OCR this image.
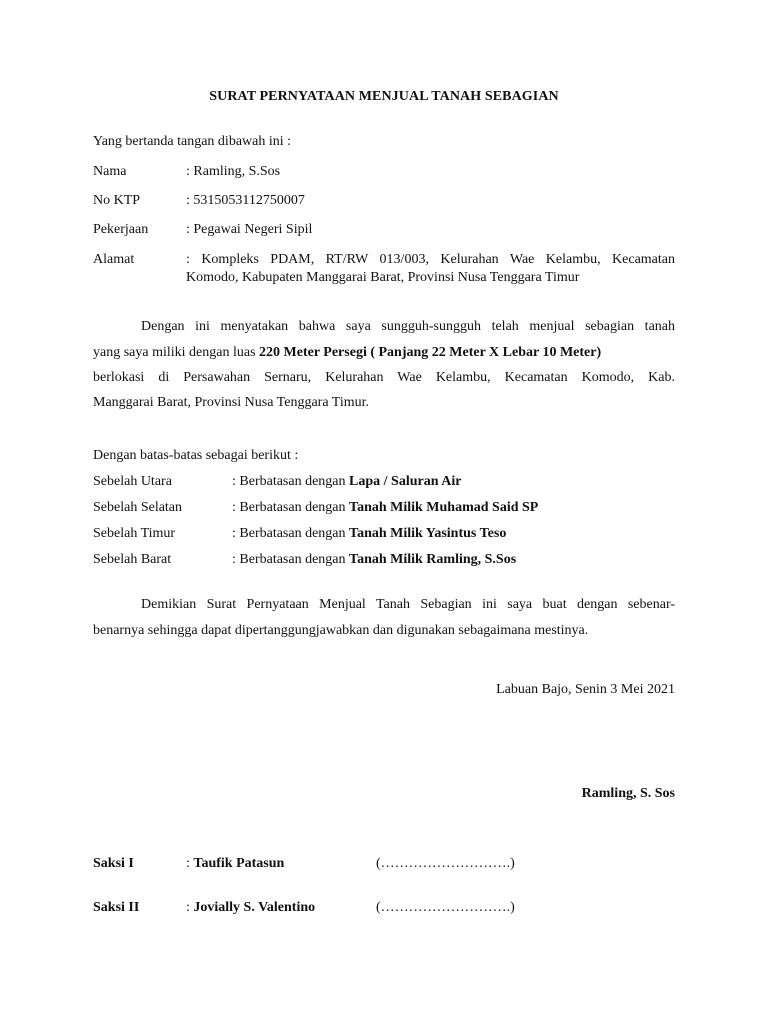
SURAT PERNYATAAN MENJUAL TANAH SEBAGIAN
Yang bertanda tangan dibawah ini :
Nama	: Ramling, S.Sos
No KTP	: 5315053112750007
Pekerjaan	: Pegawai Negeri Sipil
Alamat	: Kompleks PDAM, RT/RW 013/003, Kelurahan Wae Kelambu, Kecamatan
Komodo, Kabupaten Manggarai Barat, Provinsi Nusa Tenggara Timur
Dengan ini menyatakan bahwa saya sungguh-sungguh telah menjual sebagian tanah
yang saya miliki dengan luas 220 Meter Persegi ( Panjang 22 Meter X Lebar 10 Meter)
berlokasi di Persawahan Sernaru, Kelurahan Wae Kelambu, Kecamatan Komodo, Kab.
Manggarai Barat, Provinsi Nusa Tenggara Timur.
Dengan batas-batas sebagai berikut :
Sebelah Utara	: Berbatasan dengan Lapa / Saluran Air
Sebelah Selatan	: Berbatasan dengan Tanah Milik Muhamad Said SP
Sebelah Timur	: Berbatasan dengan Tanah Milik Yasintus Teso
Sebelah Barat	: Berbatasan dengan Tanah Milik Ramling, S.Sos
Demikian Surat Pernyataan Menjual Tanah Sebagian ini saya buat dengan sebenar-
benarnya sehingga dapat dipertanggungjawabkan dan digunakan sebagaimana mestinya.
Labuan Bajo, Senin 3 Mei 2021
Ramling, S. Sos
Saksi I	: Taufik Patasun	(……………………….)
Saksi II	: Jovially S. Valentino	(……………………….)
